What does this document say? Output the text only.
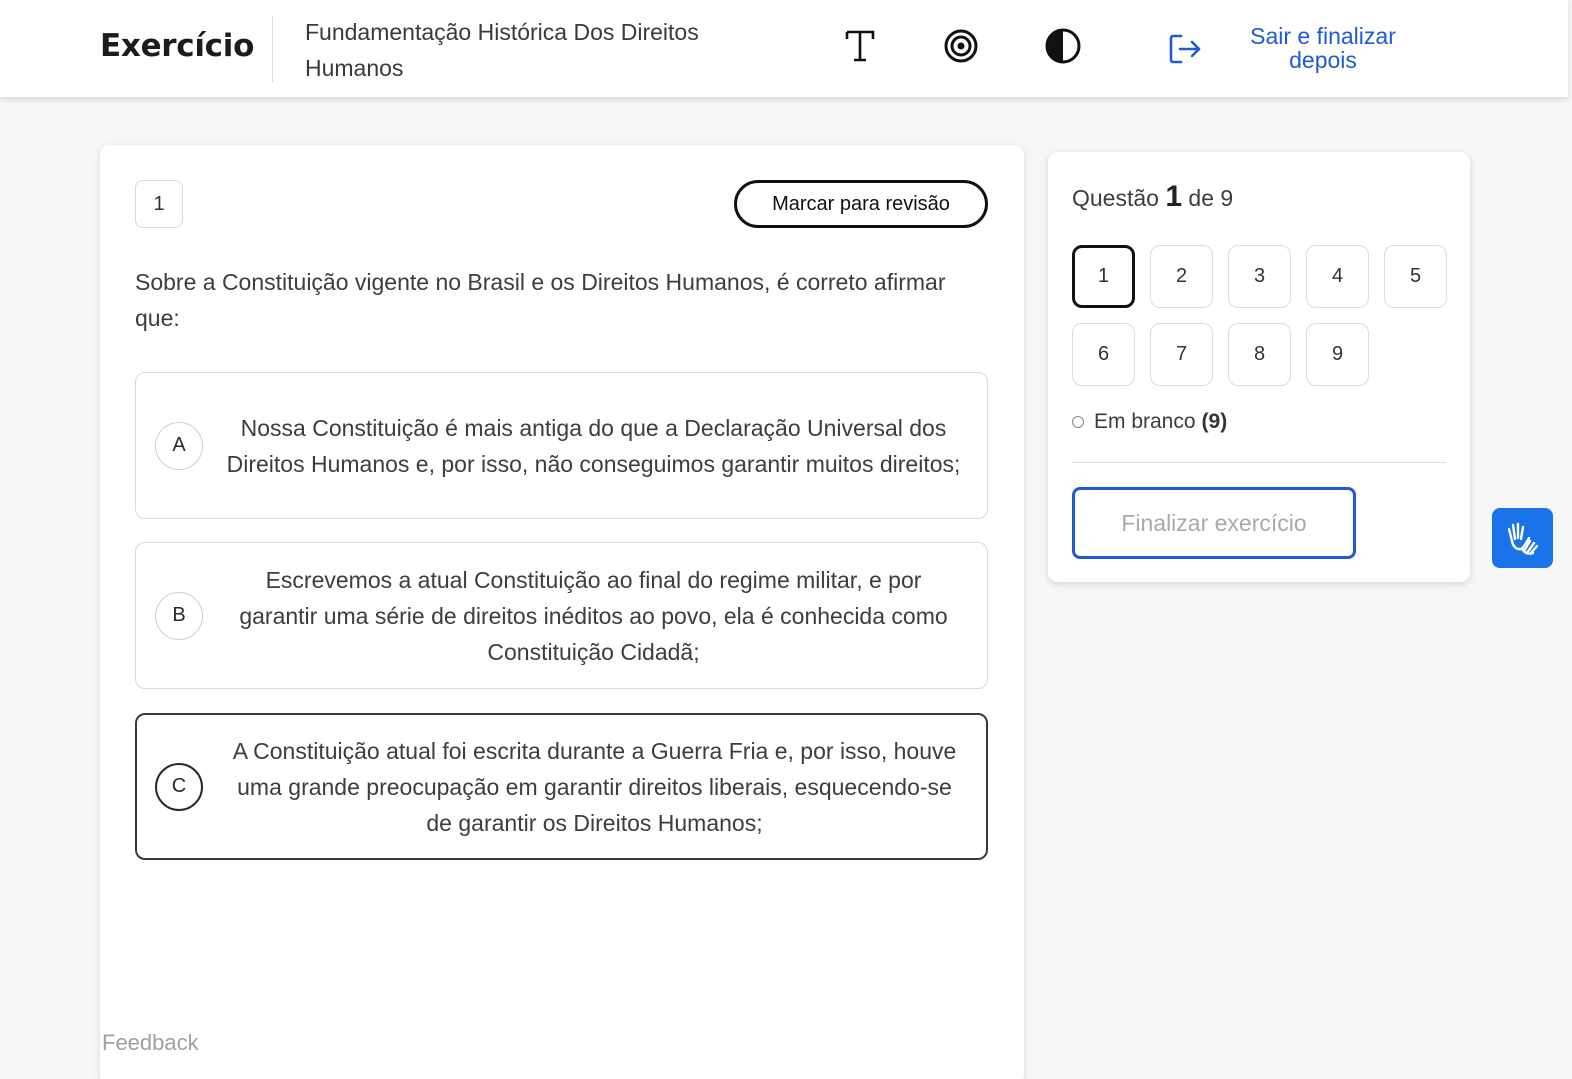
Exercício Fundamentação Histórica Dos Direitos Humanos
Sair e finalizar depois
1	Marcar para revisão
Sobre a Constituição vigente no Brasil e os Direitos Humanos, é correto afirmar que:
A
Nossa Constituição é mais antiga do que a Declaração Universal dos Direitos Humanos e, por isso, não conseguimos garantir muitos direitos;
B
Escrevemos a atual Constituição ao final do regime militar, e por garantir uma série de direitos inéditos ao povo, ela é conhecida como Constituição Cidadã;
C
A Constituição atual foi escrita durante a Guerra Fria e, por isso, houve uma grande preocupação em garantir direitos liberais, esquecendo-se de garantir os Direitos Humanos;
Feedback
Questão 1 de 9
1	2	3	4	5
6	7	8	9
Em branco (9)
Finalizar exercício
